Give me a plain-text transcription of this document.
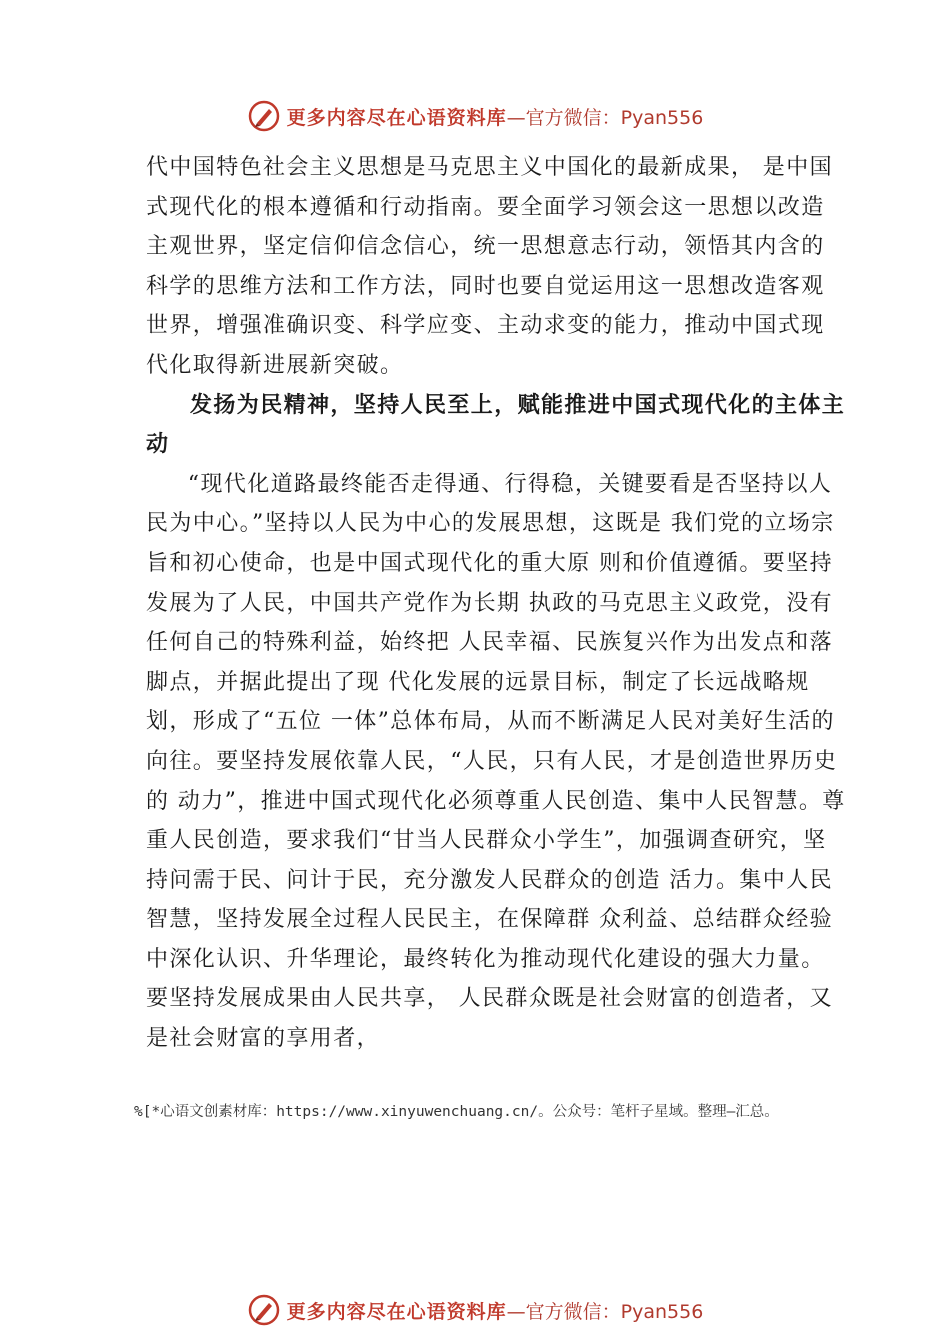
更多内容尽在心语资料库 —官方微信：Pyan556

代中国特色社会主义思想是马克思主义中国化的最新成果， 是中国式现代化的根本遵循和行动指南。要全面学习领会这一思想以改造主观世界，坚定信仰信念信心，统一思想意志行动，领悟其内含的科学的思维方法和工作方法，同时也要自觉运用这一思想改造客观世界，增强准确识变、科学应变、主动求变的能力，推动中国式现代化取得新进展新突破。

发扬为民精神，坚持人民至上，赋能推进中国式现代化的主体主动

“现代化道路最终能否走得通、行得稳，关键要看是否坚持以人民为中心。”坚持以人民为中心的发展思想，这既是 我们党的立场宗旨和初心使命，也是中国式现代化的重大原 则和价值遵循。要坚持发展为了人民，中国共产党作为长期 执政的马克思主义政党，没有任何自己的特殊利益，始终把 人民幸福、民族复兴作为出发点和落脚点，并据此提出了现 代化发展的远景目标，制定了长远战略规划，形成了“五位 一体”总体布局，从而不断满足人民对美好生活的向往。要坚持发展依靠人民，“人民，只有人民，才是创造世界历史的 动力”，推进中国式现代化必须尊重人民创造、集中人民智慧。尊重人民创造，要求我们“甘当人民群众小学生”，加强调查研究，坚持问需于民、问计于民，充分激发人民群众的创造 活力。集中人民智慧，坚持发展全过程人民民主，在保障群 众利益、总结群众经验中深化认识、升华理论，最终转化为推动现代化建设的强大力量。要坚持发展成果由人民共享， 人民群众既是社会财富的创造者，又是社会财富的享用者，

%[*心语文创素材库：https://www.xinyuwenchuang.cn/。公众号：笔杆子星域。整理—汇总。
更多内容尽在心语资料库 —官方微信：Pyan556
